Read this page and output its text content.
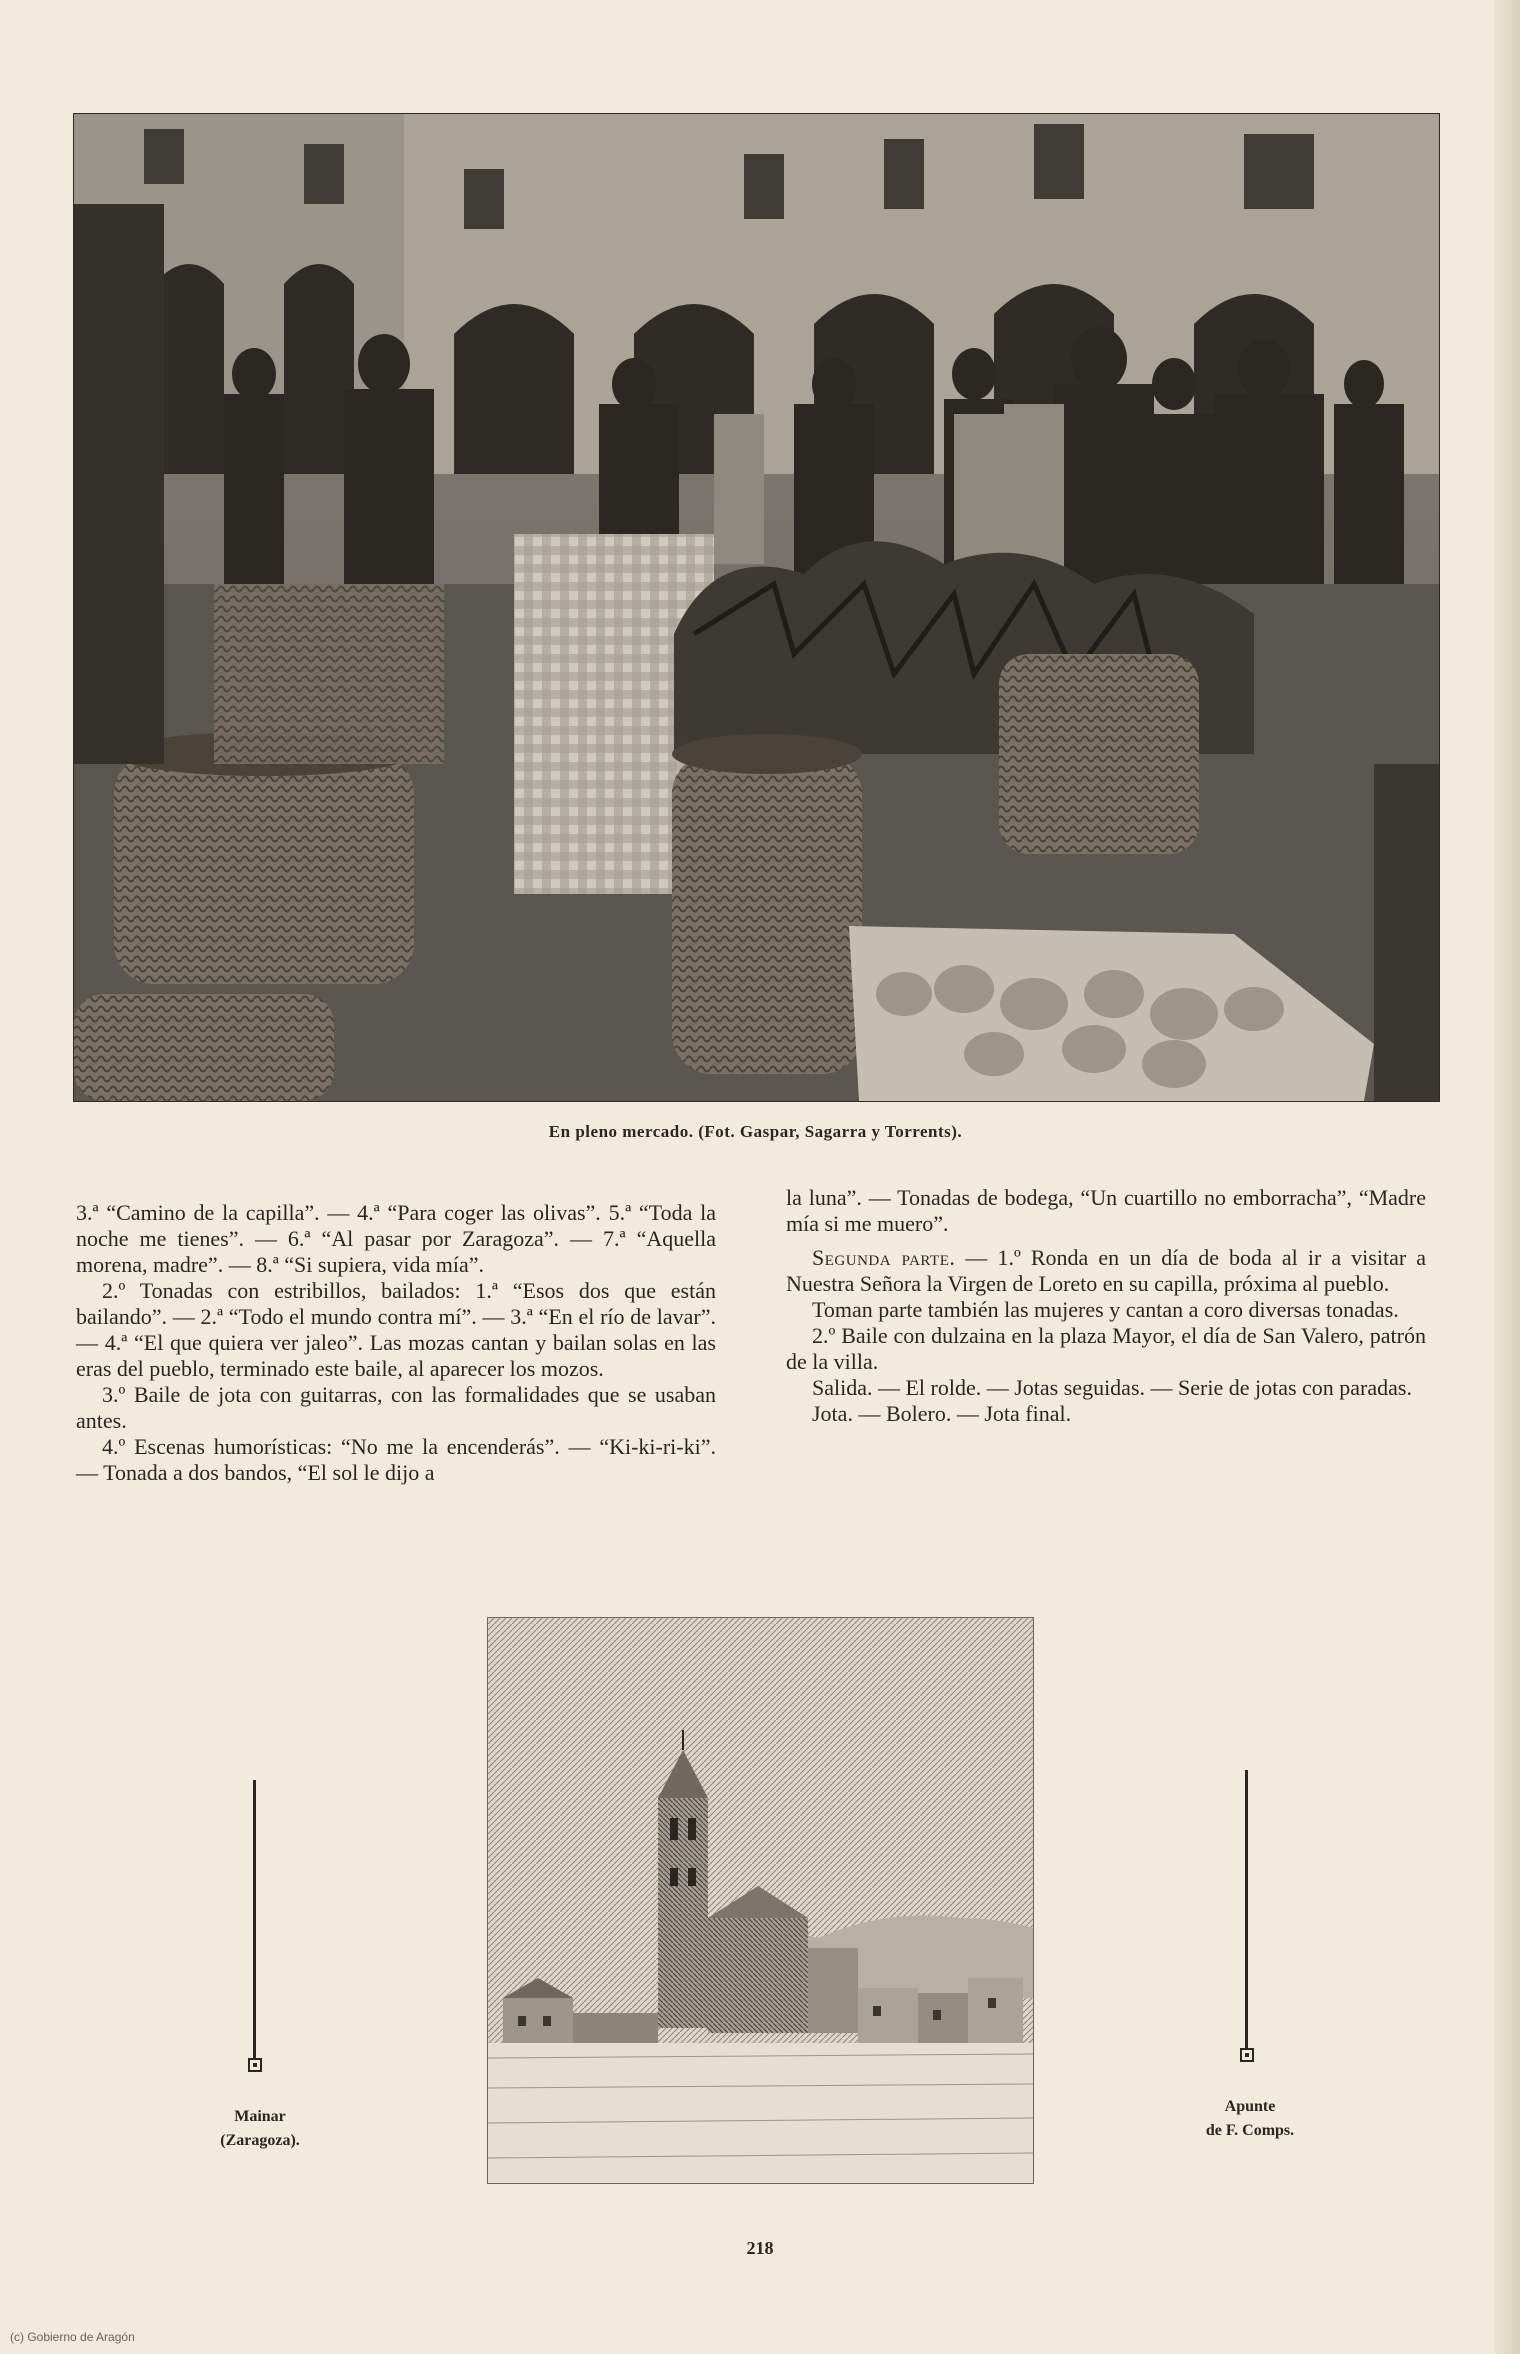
En pleno mercado. (Fot. Gaspar, Sagarra y Torrents).

3.ª “Camino de la capilla”. — 4.ª “Para coger las olivas”. 5.ª “Toda la noche me tienes”. — 6.ª “Al pasar por Zaragoza”. — 7.ª “Aquella morena, madre”. — 8.ª “Si supiera, vida mía”.

2.º Tonadas con estribillos, bailados: 1.ª “Esos dos que están bailando”. — 2.ª “Todo el mundo contra mí”. — 3.ª “En el río de lavar”. — 4.ª “El que quiera ver jaleo”. Las mozas cantan y bailan solas en las eras del pueblo, terminado este baile, al aparecer los mozos.

3.º Baile de jota con guitarras, con las formalidades que se usaban antes.

4.º Escenas humorísticas: “No me la encenderás”. — “Ki-ki-ri-ki”. — Tonada a dos bandos, “El sol le dijo a

la luna”. — Tonadas de bodega, “Un cuartillo no emborracha”, “Madre mía si me muero”.

Segunda parte. — 1.º Ronda en un día de boda al ir a visitar a Nuestra Señora la Virgen de Loreto en su capilla, próxima al pueblo.

Toman parte también las mujeres y cantan a coro diversas tonadas.

2.º Baile con dulzaina en la plaza Mayor, el día de San Valero, patrón de la villa.

Salida. — El rolde. — Jotas seguidas. — Serie de jotas con paradas.

Jota. — Bolero. — Jota final.

Mainar
(Zaragoza).
Apunte
de F. Comps.
218
(c) Gobierno de Aragón
